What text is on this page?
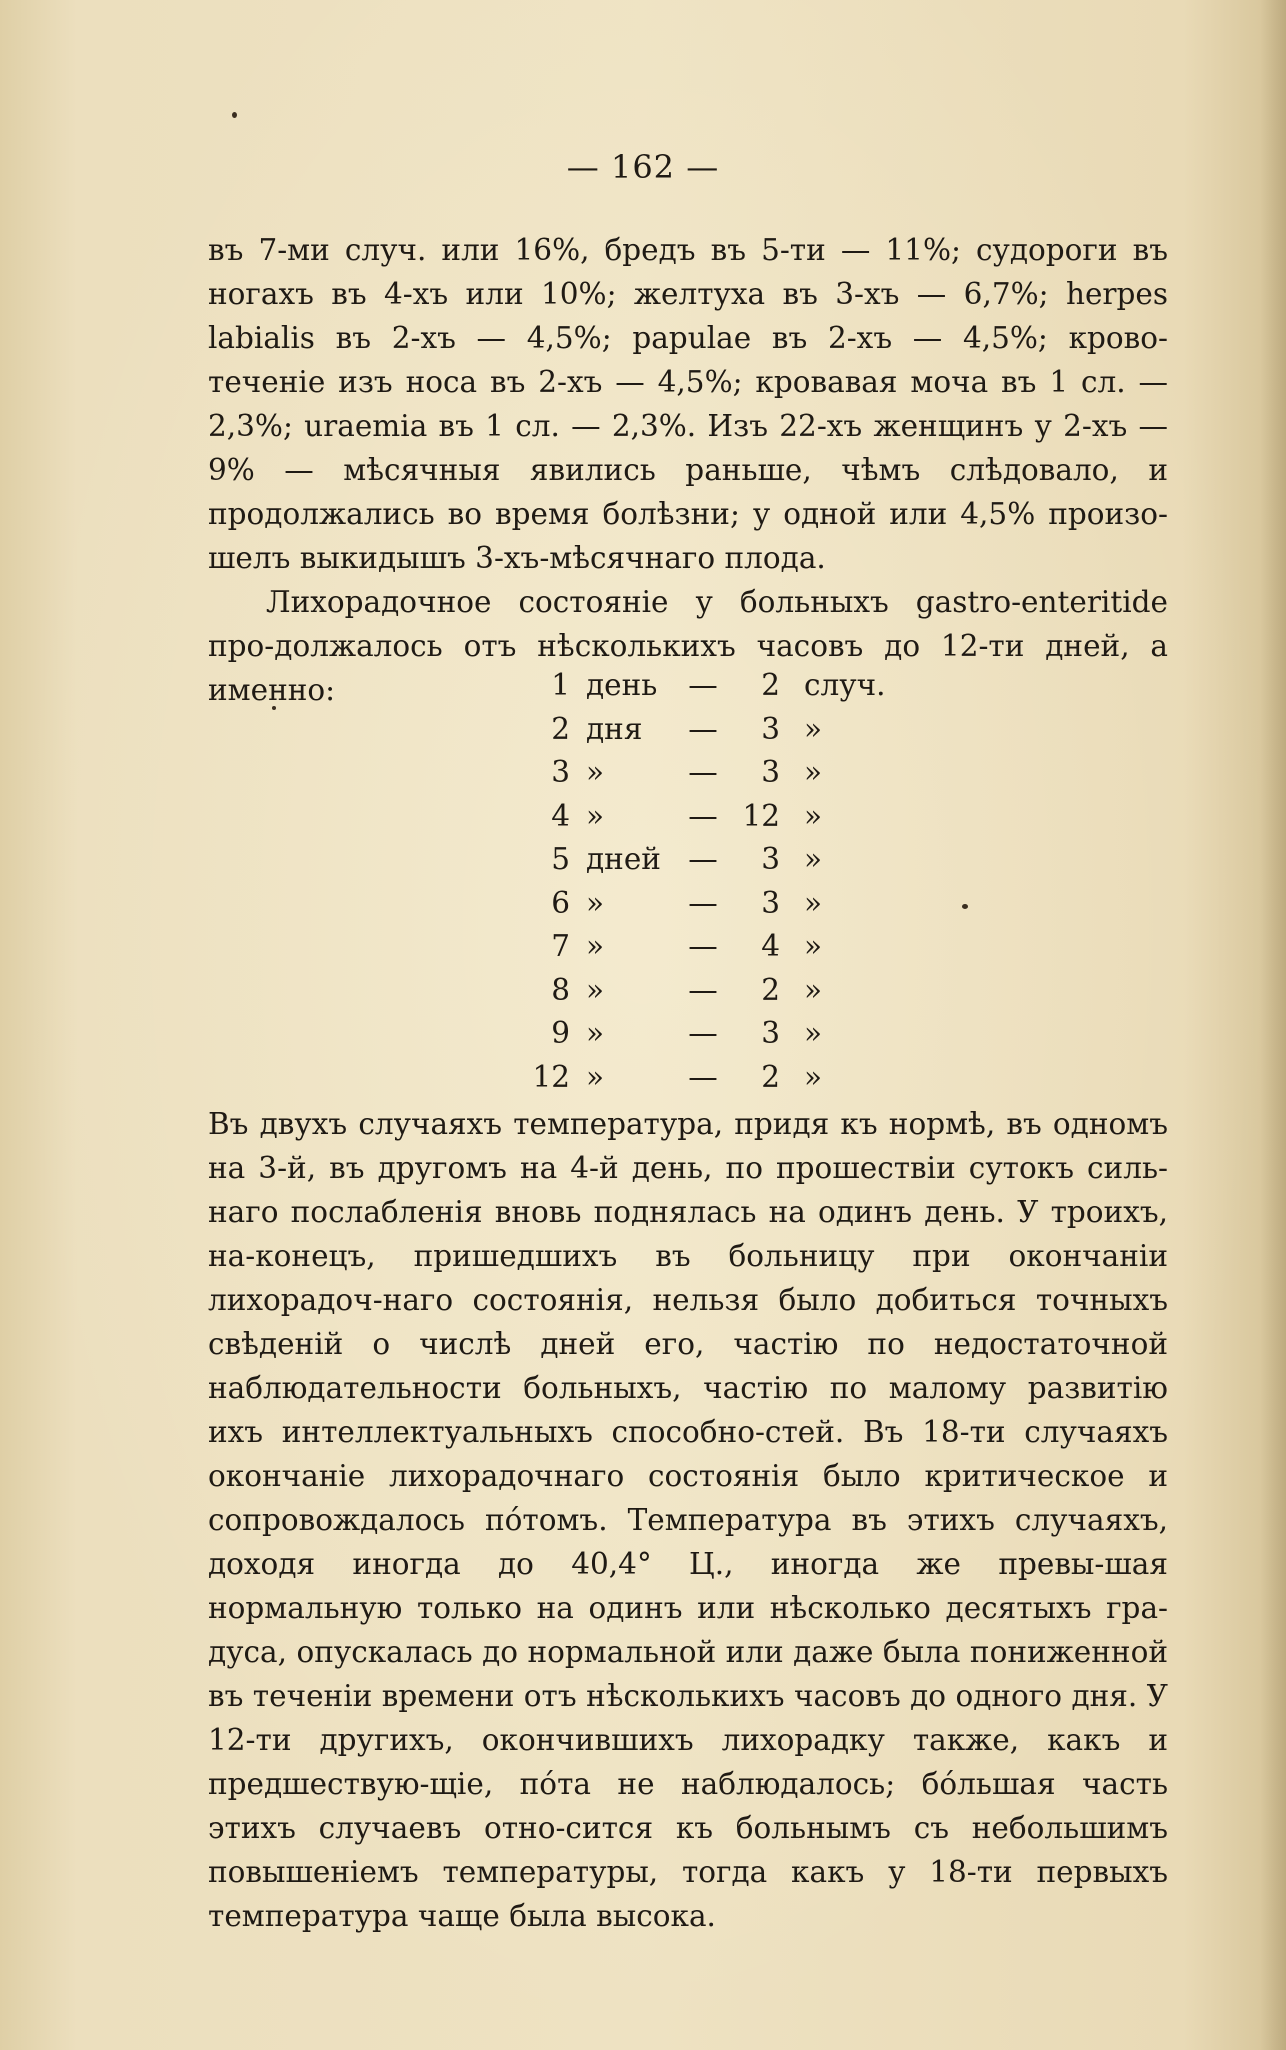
— 162 —

въ 7-ми случ. или 16%, бредъ въ 5-ти — 11%; судороги въ ногахъ въ 4-хъ или 10%; желтуха въ 3-хъ — 6,7%; herpes labialis въ 2-хъ — 4,5%; papulae въ 2-хъ — 4,5%; крово-теченіе изъ носа въ 2-хъ — 4,5%; кровавая моча въ 1 сл. — 2,3%; uraemia въ 1 сл. — 2,3%. Изъ 22-хъ женщинъ у 2-хъ — 9% — мѣсячныя явились раньше, чѣмъ слѣдовало, и продолжались во время болѣзни; у одной или 4,5% произо-шелъ выкидышъ 3-хъ-мѣсячнаго плода.

Лихорадочное состояніе у больныхъ gastro-enteritide про-должалось отъ нѣсколькихъ часовъ до 12-ти дней, а именно:	1 день	—	2 случ.
2 дня	—	3 »
3 »	—	3 »
4 »	— 12 »
5 дней —	3 »
6 »	—	3 »
7 »	—	4 »
8 »	—	2 »
9 »	—	3 »
12 »	—	2 »

Въ двухъ случаяхъ температура, придя къ нормѣ, въ одномъ на 3-й, въ другомъ на 4-й день, по прошествіи сутокъ силь-наго послабленія вновь поднялась на одинъ день. У троихъ, на-конецъ, пришедшихъ въ больницу при окончаніи лихорадоч-наго состоянія, нельзя было добиться точныхъ свѣденій о числѣ дней его, частію по недостаточной наблюдательности больныхъ, частію по малому развитію ихъ интеллектуальныхъ способно-стей. Въ 18-ти случаяхъ окончаніе лихорадочнаго состоянія было критическое и сопровождалось пóтомъ. Температура въ этихъ случаяхъ, доходя иногда до 40,4° Ц., иногда же превы-шая нормальную только на одинъ или нѣсколько десятыхъ гра-дуса, опускалась до нормальной или даже была пониженной въ теченіи времени отъ нѣсколькихъ часовъ до одного дня. У 12-ти другихъ, окончившихъ лихорадку также, какъ и предшествую-щіе, пóта не наблюдалось; бóльшая часть этихъ случаевъ отно-сится къ больнымъ съ небольшимъ повышеніемъ температуры, тогда какъ у 18-ти первыхъ температура чаще была высока.
